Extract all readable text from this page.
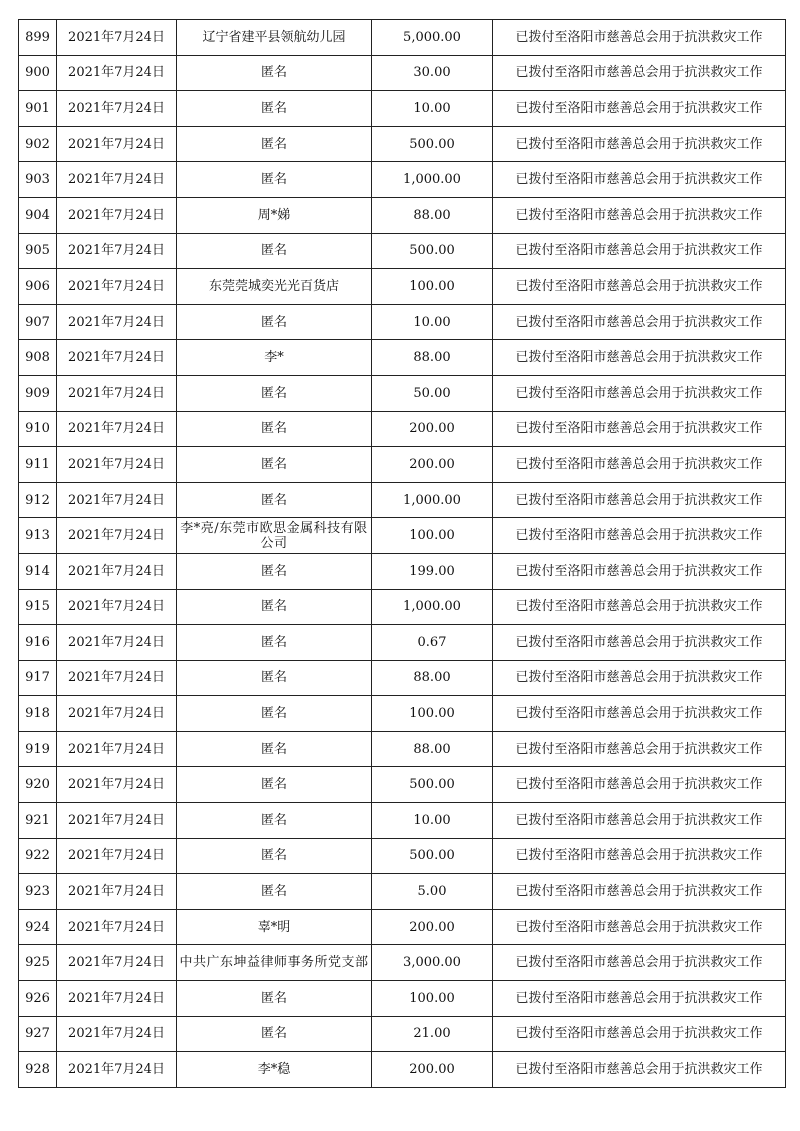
899	2021年7月24日	辽宁省建平县领航幼儿园	5,000.00	已拨付至洛阳市慈善总会用于抗洪救灾工作
900	2021年7月24日	匿名	30.00	已拨付至洛阳市慈善总会用于抗洪救灾工作
901	2021年7月24日	匿名	10.00	已拨付至洛阳市慈善总会用于抗洪救灾工作
902	2021年7月24日	匿名	500.00	已拨付至洛阳市慈善总会用于抗洪救灾工作
903	2021年7月24日	匿名	1,000.00	已拨付至洛阳市慈善总会用于抗洪救灾工作
904	2021年7月24日	周*娣	88.00	已拨付至洛阳市慈善总会用于抗洪救灾工作
905	2021年7月24日	匿名	500.00	已拨付至洛阳市慈善总会用于抗洪救灾工作
906	2021年7月24日	东莞莞城奕光光百货店	100.00	已拨付至洛阳市慈善总会用于抗洪救灾工作
907	2021年7月24日	匿名	10.00	已拨付至洛阳市慈善总会用于抗洪救灾工作
908	2021年7月24日	李*	88.00	已拨付至洛阳市慈善总会用于抗洪救灾工作
909	2021年7月24日	匿名	50.00	已拨付至洛阳市慈善总会用于抗洪救灾工作
910	2021年7月24日	匿名	200.00	已拨付至洛阳市慈善总会用于抗洪救灾工作
911	2021年7月24日	匿名	200.00	已拨付至洛阳市慈善总会用于抗洪救灾工作
912	2021年7月24日	匿名	1,000.00	已拨付至洛阳市慈善总会用于抗洪救灾工作
913	2021年7月24日	李*亮/东莞市欧思金属科技有限公司	100.00	已拨付至洛阳市慈善总会用于抗洪救灾工作
914	2021年7月24日	匿名	199.00	已拨付至洛阳市慈善总会用于抗洪救灾工作
915	2021年7月24日	匿名	1,000.00	已拨付至洛阳市慈善总会用于抗洪救灾工作
916	2021年7月24日	匿名	0.67	已拨付至洛阳市慈善总会用于抗洪救灾工作
917	2021年7月24日	匿名	88.00	已拨付至洛阳市慈善总会用于抗洪救灾工作
918	2021年7月24日	匿名	100.00	已拨付至洛阳市慈善总会用于抗洪救灾工作
919	2021年7月24日	匿名	88.00	已拨付至洛阳市慈善总会用于抗洪救灾工作
920	2021年7月24日	匿名	500.00	已拨付至洛阳市慈善总会用于抗洪救灾工作
921	2021年7月24日	匿名	10.00	已拨付至洛阳市慈善总会用于抗洪救灾工作
922	2021年7月24日	匿名	500.00	已拨付至洛阳市慈善总会用于抗洪救灾工作
923	2021年7月24日	匿名	5.00	已拨付至洛阳市慈善总会用于抗洪救灾工作
924	2021年7月24日	辜*明	200.00	已拨付至洛阳市慈善总会用于抗洪救灾工作
925	2021年7月24日	中共广东坤益律师事务所党支部	3,000.00	已拨付至洛阳市慈善总会用于抗洪救灾工作
926	2021年7月24日	匿名	100.00	已拨付至洛阳市慈善总会用于抗洪救灾工作
927	2021年7月24日	匿名	21.00	已拨付至洛阳市慈善总会用于抗洪救灾工作
928	2021年7月24日	李*稳	200.00	已拨付至洛阳市慈善总会用于抗洪救灾工作
